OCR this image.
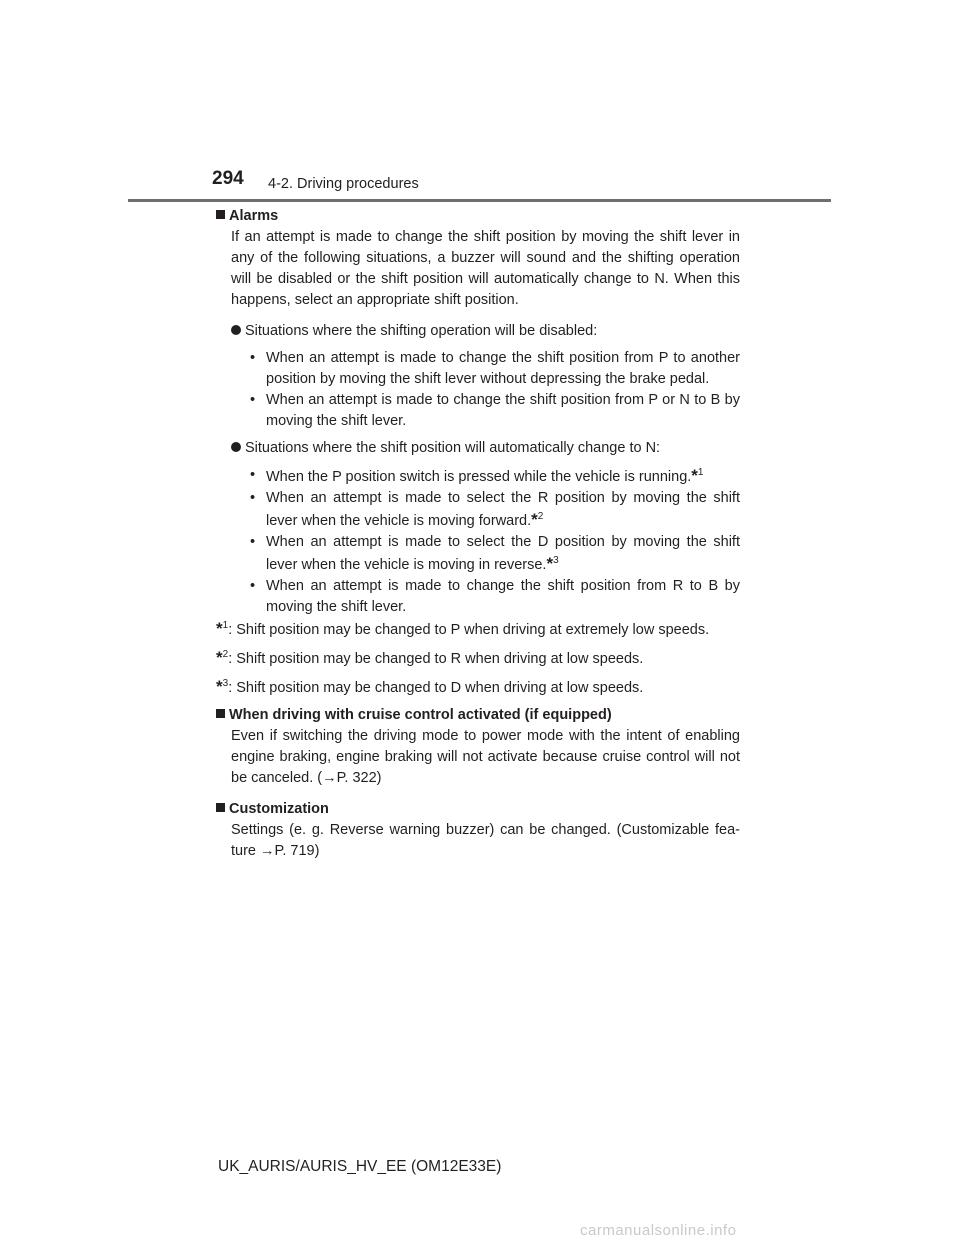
294 4-2. Driving procedures
Alarms
If an attempt is made to change the shift position by moving the shift lever in any of the following situations, a buzzer will sound and the shifting operation will be disabled or the shift position will automatically change to N. When this happens, select an appropriate shift position.
Situations where the shifting operation will be disabled:
• When an attempt is made to change the shift position from P to another position by moving the shift lever without depressing the brake pedal.
• When an attempt is made to change the shift position from P or N to B by moving the shift lever.
Situations where the shift position will automatically change to N:
• When the P position switch is pressed while the vehicle is running.*$^1$
• When an attempt is made to select the R position by moving the shift lever when the vehicle is moving forward.*$^2$
• When an attempt is made to select the D position by moving the shift lever when the vehicle is moving in reverse.*$^3$
• When an attempt is made to change the shift position from R to B by moving the shift lever.
*$^1$: Shift position may be changed to P when driving at extremely low speeds.
*$^2$: Shift position may be changed to R when driving at low speeds.
*$^3$: Shift position may be changed to D when driving at low speeds.
When driving with cruise control activated (if equipped)
Even if switching the driving mode to power mode with the intent of enabling engine braking, engine braking will not activate because cruise control will not be canceled. (→P. 322)
Customization
Settings (e. g. Reverse warning buzzer) can be changed. (Customizable fea-ture →P. 719)
UK_AURIS/AURIS_HV_EE (OM12E33E)
carmanualsonline.info
